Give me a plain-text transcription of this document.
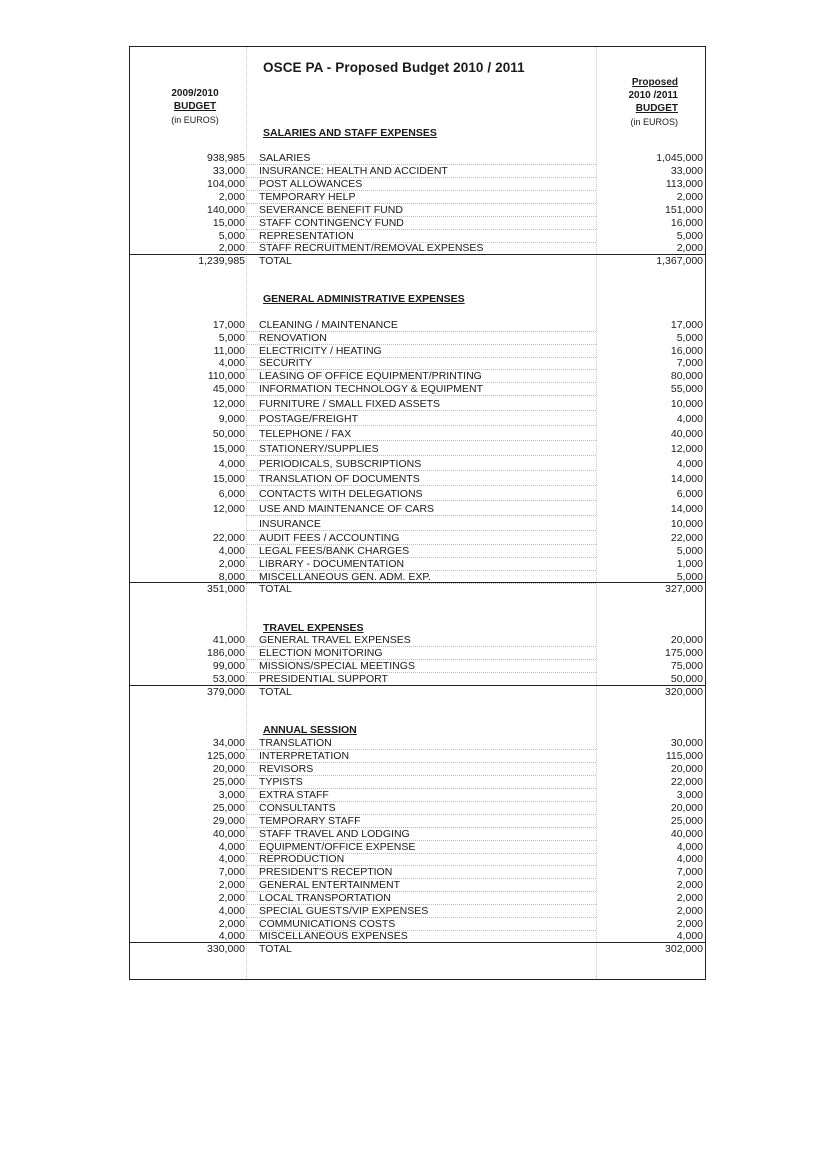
OSCE PA - Proposed Budget 2010 / 2011
2009/2010
BUDGET
(in EUROS)
Proposed
2010 /2011
BUDGET
(in EUROS)
SALARIES AND STAFF EXPENSES
938,985 SALARIES	1,045,000
33,000 INSURANCE: HEALTH AND ACCIDENT	33,000
104,000 POST ALLOWANCES	113,000
2,000 TEMPORARY HELP	2,000
140,000 SEVERANCE BENEFIT FUND	151,000
15,000 STAFF CONTINGENCY FUND	16,000
5,000 REPRESENTATION	5,000
2,000 STAFF RECRUITMENT/REMOVAL EXPENSES	2,000
1,239,985 TOTAL	1,367,000
GENERAL ADMINISTRATIVE EXPENSES
17,000 CLEANING / MAINTENANCE	17,000
5,000 RENOVATION	5,000
11,000 ELECTRICITY / HEATING	16,000
4,000 SECURITY	7,000
110,000 LEASING OF OFFICE EQUIPMENT/PRINTING	80,000
45,000 INFORMATION TECHNOLOGY & EQUIPMENT	55,000
12,000 FURNITURE / SMALL FIXED ASSETS	10,000
9,000 POSTAGE/FREIGHT	4,000
50,000 TELEPHONE / FAX	40,000
15,000 STATIONERY/SUPPLIES	12,000
4,000 PERIODICALS, SUBSCRIPTIONS	4,000
15,000 TRANSLATION OF DOCUMENTS	14,000
6,000 CONTACTS WITH DELEGATIONS	6,000
12,000 USE AND MAINTENANCE OF CARS	14,000
INSURANCE	10,000
22,000 AUDIT FEES / ACCOUNTING	22,000
4,000 LEGAL FEES/BANK CHARGES	5,000
2,000 LIBRARY - DOCUMENTATION	1,000
8,000 MISCELLANEOUS GEN. ADM. EXP.	5,000
351,000 TOTAL	327,000
TRAVEL EXPENSES
41,000 GENERAL TRAVEL EXPENSES	20,000
186,000 ELECTION MONITORING	175,000
99,000 MISSIONS/SPECIAL MEETINGS	75,000
53,000 PRESIDENTIAL SUPPORT	50,000
379,000 TOTAL	320,000
ANNUAL SESSION
34,000 TRANSLATION	30,000
125,000 INTERPRETATION	115,000
20,000 REVISORS	20,000
25,000 TYPISTS	22,000
3,000 EXTRA STAFF	3,000
25,000 CONSULTANTS	20,000
29,000 TEMPORARY STAFF	25,000
40,000 STAFF TRAVEL AND LODGING	40,000
4,000 EQUIPMENT/OFFICE EXPENSE	4,000
4,000 REPRODUCTION	4,000
7,000 PRESIDENT'S RECEPTION	7,000
2,000 GENERAL ENTERTAINMENT	2,000
2,000 LOCAL TRANSPORTATION	2,000
4,000 SPECIAL GUESTS/VIP EXPENSES	2,000
2,000 COMMUNICATIONS COSTS	2,000
4,000 MISCELLANEOUS EXPENSES	4,000
330,000 TOTAL	302,000
